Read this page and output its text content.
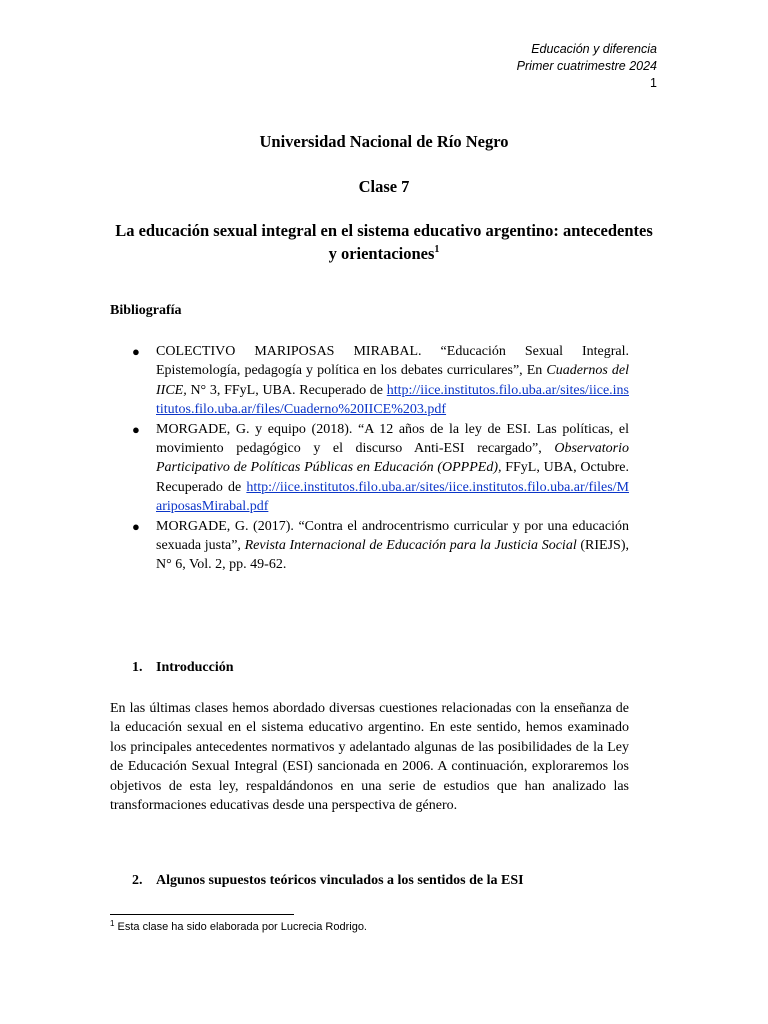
Educación y diferencia
Primer cuatrimestre 2024
1
Universidad Nacional de Río Negro
Clase 7
La educación sexual integral en el sistema educativo argentino: antecedentes y orientaciones$^1$
Bibliografía
● COLECTIVO MARIPOSAS MIRABAL. “Educación Sexual Integral. Epistemología, pedagogía y política en los debates curriculares”, En Cuadernos del IICE, N° 3, FFyL, UBA. Recuperado de http://iice.institutos.filo.uba.ar/sites/iice.institutos.filo.uba.ar/files/Cuaderno%20IICE%203.pdf
● MORGADE, G. y equipo (2018). “A 12 años de la ley de ESI. Las políticas, el movimiento pedagógico y el discurso Anti-ESI recargado”, Observatorio Participativo de Políticas Públicas en Educación (OPPPEd), FFyL, UBA, Octubre. Recuperado de http://iice.institutos.filo.uba.ar/sites/iice.institutos.filo.uba.ar/files/MariposasMirabal.pdf
● MORGADE, G. (2017). “Contra el androcentrismo curricular y por una educación sexuada justa”, Revista Internacional de Educación para la Justicia Social (RIEJS), N° 6, Vol. 2, pp. 49-62.
1. Introducción

En las últimas clases hemos abordado diversas cuestiones relacionadas con la enseñanza de la educación sexual en el sistema educativo argentino. En este sentido, hemos examinado los principales antecedentes normativos y adelantado algunas de las posibilidades de la Ley de Educación Sexual Integral (ESI) sancionada en 2006. A continuación, exploraremos los objetivos de esta ley, respaldándonos en una serie de estudios que han analizado las transformaciones educativas desde una perspectiva de género.

2. Algunos supuestos teóricos vinculados a los sentidos de la ESI
$^1$ Esta clase ha sido elaborada por Lucrecia Rodrigo.
